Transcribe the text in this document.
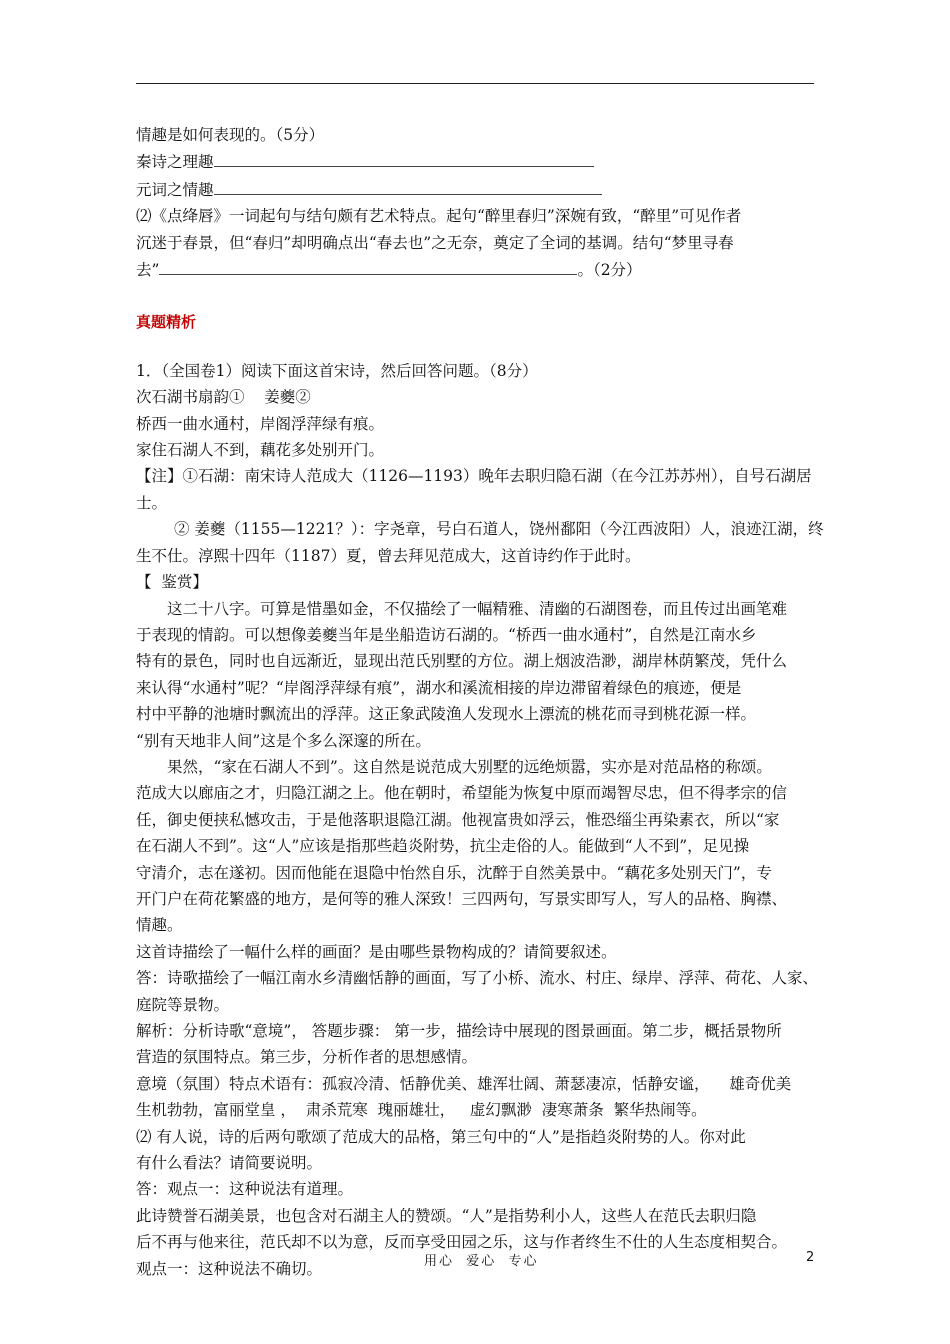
情趣是如何表现的。（5分）
秦诗之理趣
元词之情趣
⑵《点绛唇》一词起句与结句颇有艺术特点。起句“醉里春归”深婉有致，“醉里”可见作者
沉迷于春景，但“春归”却明确点出“春去也”之无奈，奠定了全词的基调。结句“梦里寻春
去”	。（2分）
真题精析
1．（全国卷1）阅读下面这首宋诗，然后回答问题。（8分）
次石湖书扇韵①    姜夔②
桥西一曲水通村，岸阁浮萍绿有痕。
家住石湖人不到，藕花多处别开门。
【注】①石湖：南宋诗人范成大（1126—1193）晚年去职归隐石湖（在今江苏苏州），自号石湖居
士。
② 姜夔（1155—1221？）：字尧章，号白石道人，饶州鄱阳（今江西波阳）人，浪迹江湖，终
生不仕。淳熙十四年（1187）夏，曾去拜见范成大，这首诗约作于此时。
【  鉴赏】
这二十八字。可算是惜墨如金，不仅描绘了一幅精雅、清幽的石湖图卷，而且传过出画笔难
于表现的情韵。可以想像姜夔当年是坐船造访石湖的。“桥西一曲水通村”，自然是江南水乡
特有的景色，同时也自远渐近，显现出范氏别墅的方位。湖上烟波浩渺，湖岸林荫繁茂，凭什么
来认得“水通村”呢？“岸阁浮萍绿有痕”，湖水和溪流相接的岸边滞留着绿色的痕迹，便是
村中平静的池塘时飘流出的浮萍。这正象武陵渔人发现水上漂流的桃花而寻到桃花源一样。
“别有天地非人间”这是个多么深邃的所在。
果然，“家在石湖人不到”。这自然是说范成大别墅的远绝烦嚣，实亦是对范品格的称颂。
范成大以廊庙之才，归隐江湖之上。他在朝时，希望能为恢复中原而竭智尽忠，但不得孝宗的信
任，御史便挟私憾攻击，于是他落职退隐江湖。他视富贵如浮云，惟恐缁尘再染素衣，所以“家
在石湖人不到”。这“人”应该是指那些趋炎附势，抗尘走俗的人。能做到“人不到”，足见操
守清介，志在遂初。因而他能在退隐中怡然自乐，沈醉于自然美景中。“藕花多处别天门”，专
开门户在荷花繁盛的地方，是何等的雅人深致！三四两句，写景实即写人，写人的品格、胸襟、
情趣。
这首诗描绘了一幅什么样的画面？是由哪些景物构成的？请简要叙述。
答：诗歌描绘了一幅江南水乡清幽恬静的画面，写了小桥、流水、村庄、绿岸、浮萍、荷花、人家、
庭院等景物。
解析：分析诗歌“意境”， 答题步骤： 第一步，描绘诗中展现的图景画面。第二步，概括景物所
营造的氛围特点。第三步，分析作者的思想感情。
意境（氛围）特点术语有：孤寂冷清、恬静优美、雄浑壮阔、萧瑟凄凉，恬静安谧，    雄奇优美
生机勃勃，富丽堂皇 ，  肃杀荒寒  瑰丽雄壮，   虚幻飘渺  凄寒萧条  繁华热闹等。
⑵ 有人说，诗的后两句歌颂了范成大的品格，第三句中的“人”是指趋炎附势的人。你对此
有什么看法？请简要说明。
答：观点一：这种说法有道理。
此诗赞誉石湖美景，也包含对石湖主人的赞颂。“人”是指势利小人，这些人在范氏去职归隐
后不再与他来往，范氏却不以为意，反而享受田园之乐，这与作者终生不仕的人生态度相契合。
观点一：这种说法不确切。	用心  爱心  专心	2
